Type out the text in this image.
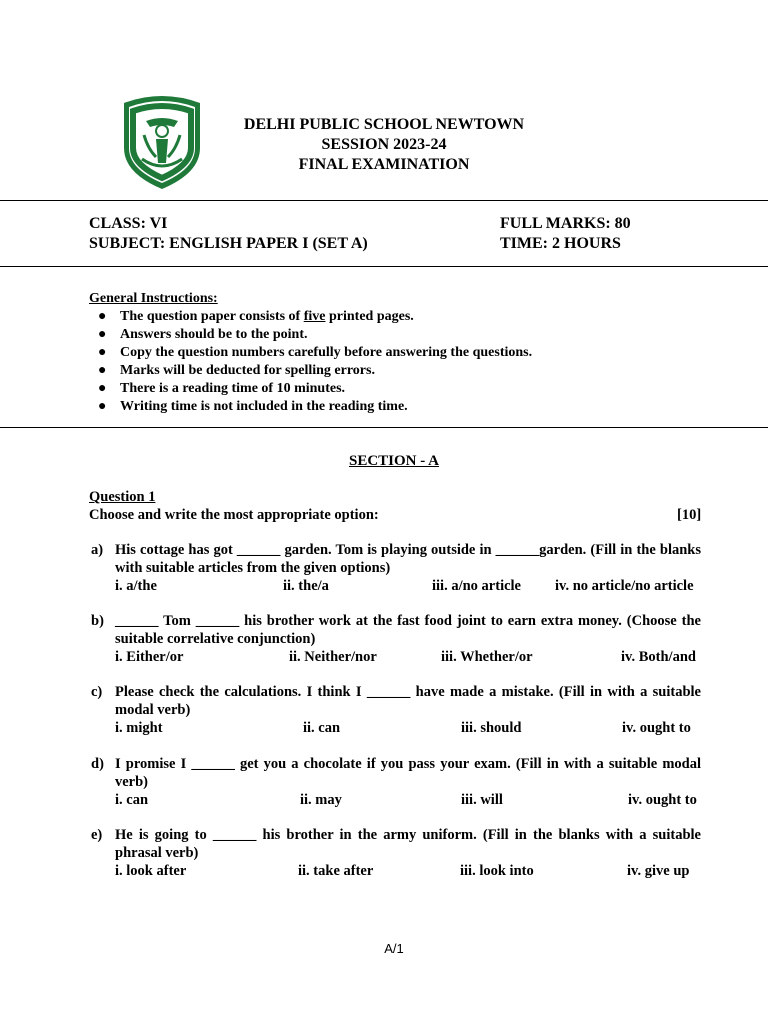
DELHI PUBLIC SCHOOL NEWTOWN
SESSION 2023-24
FINAL EXAMINATION
CLASS: VI
SUBJECT: ENGLISH PAPER I (SET A)
FULL MARKS: 80
TIME: 2 HOURS
General Instructions:
● The question paper consists of five printed pages.
● Answers should be to the point.
● Copy the question numbers carefully before answering the questions.
● Marks will be deducted for spelling errors.
● There is a reading time of 10 minutes.
● Writing time is not included in the reading time.
SECTION - A
Question 1
Choose and write the most appropriate option:	[10]
a) His cottage has got ______ garden. Tom is playing outside in ______garden. (Fill in the blanks with suitable articles from the given options)
i. a/the	ii. the/a	iii. a/no article iv. no article/no article
b) ______ Tom ______ his brother work at the fast food joint to earn extra money. (Choose the suitable correlative conjunction)
i. Either/or	ii. Neither/nor	iii. Whether/or	iv. Both/and
c) Please check the calculations. I think I ______ have made a mistake. (Fill in with a suitable modal verb)
i. might	ii. can	iii. should	iv. ought to
d) I promise I ______ get you a chocolate if you pass your exam. (Fill in with a suitable modal verb)
i. can	ii. may	iii. will	iv. ought to
e) He is going to ______ his brother in the army uniform. (Fill in the blanks with a suitable phrasal verb)
i. look after	ii. take after	iii. look into	iv. give up
A/1
